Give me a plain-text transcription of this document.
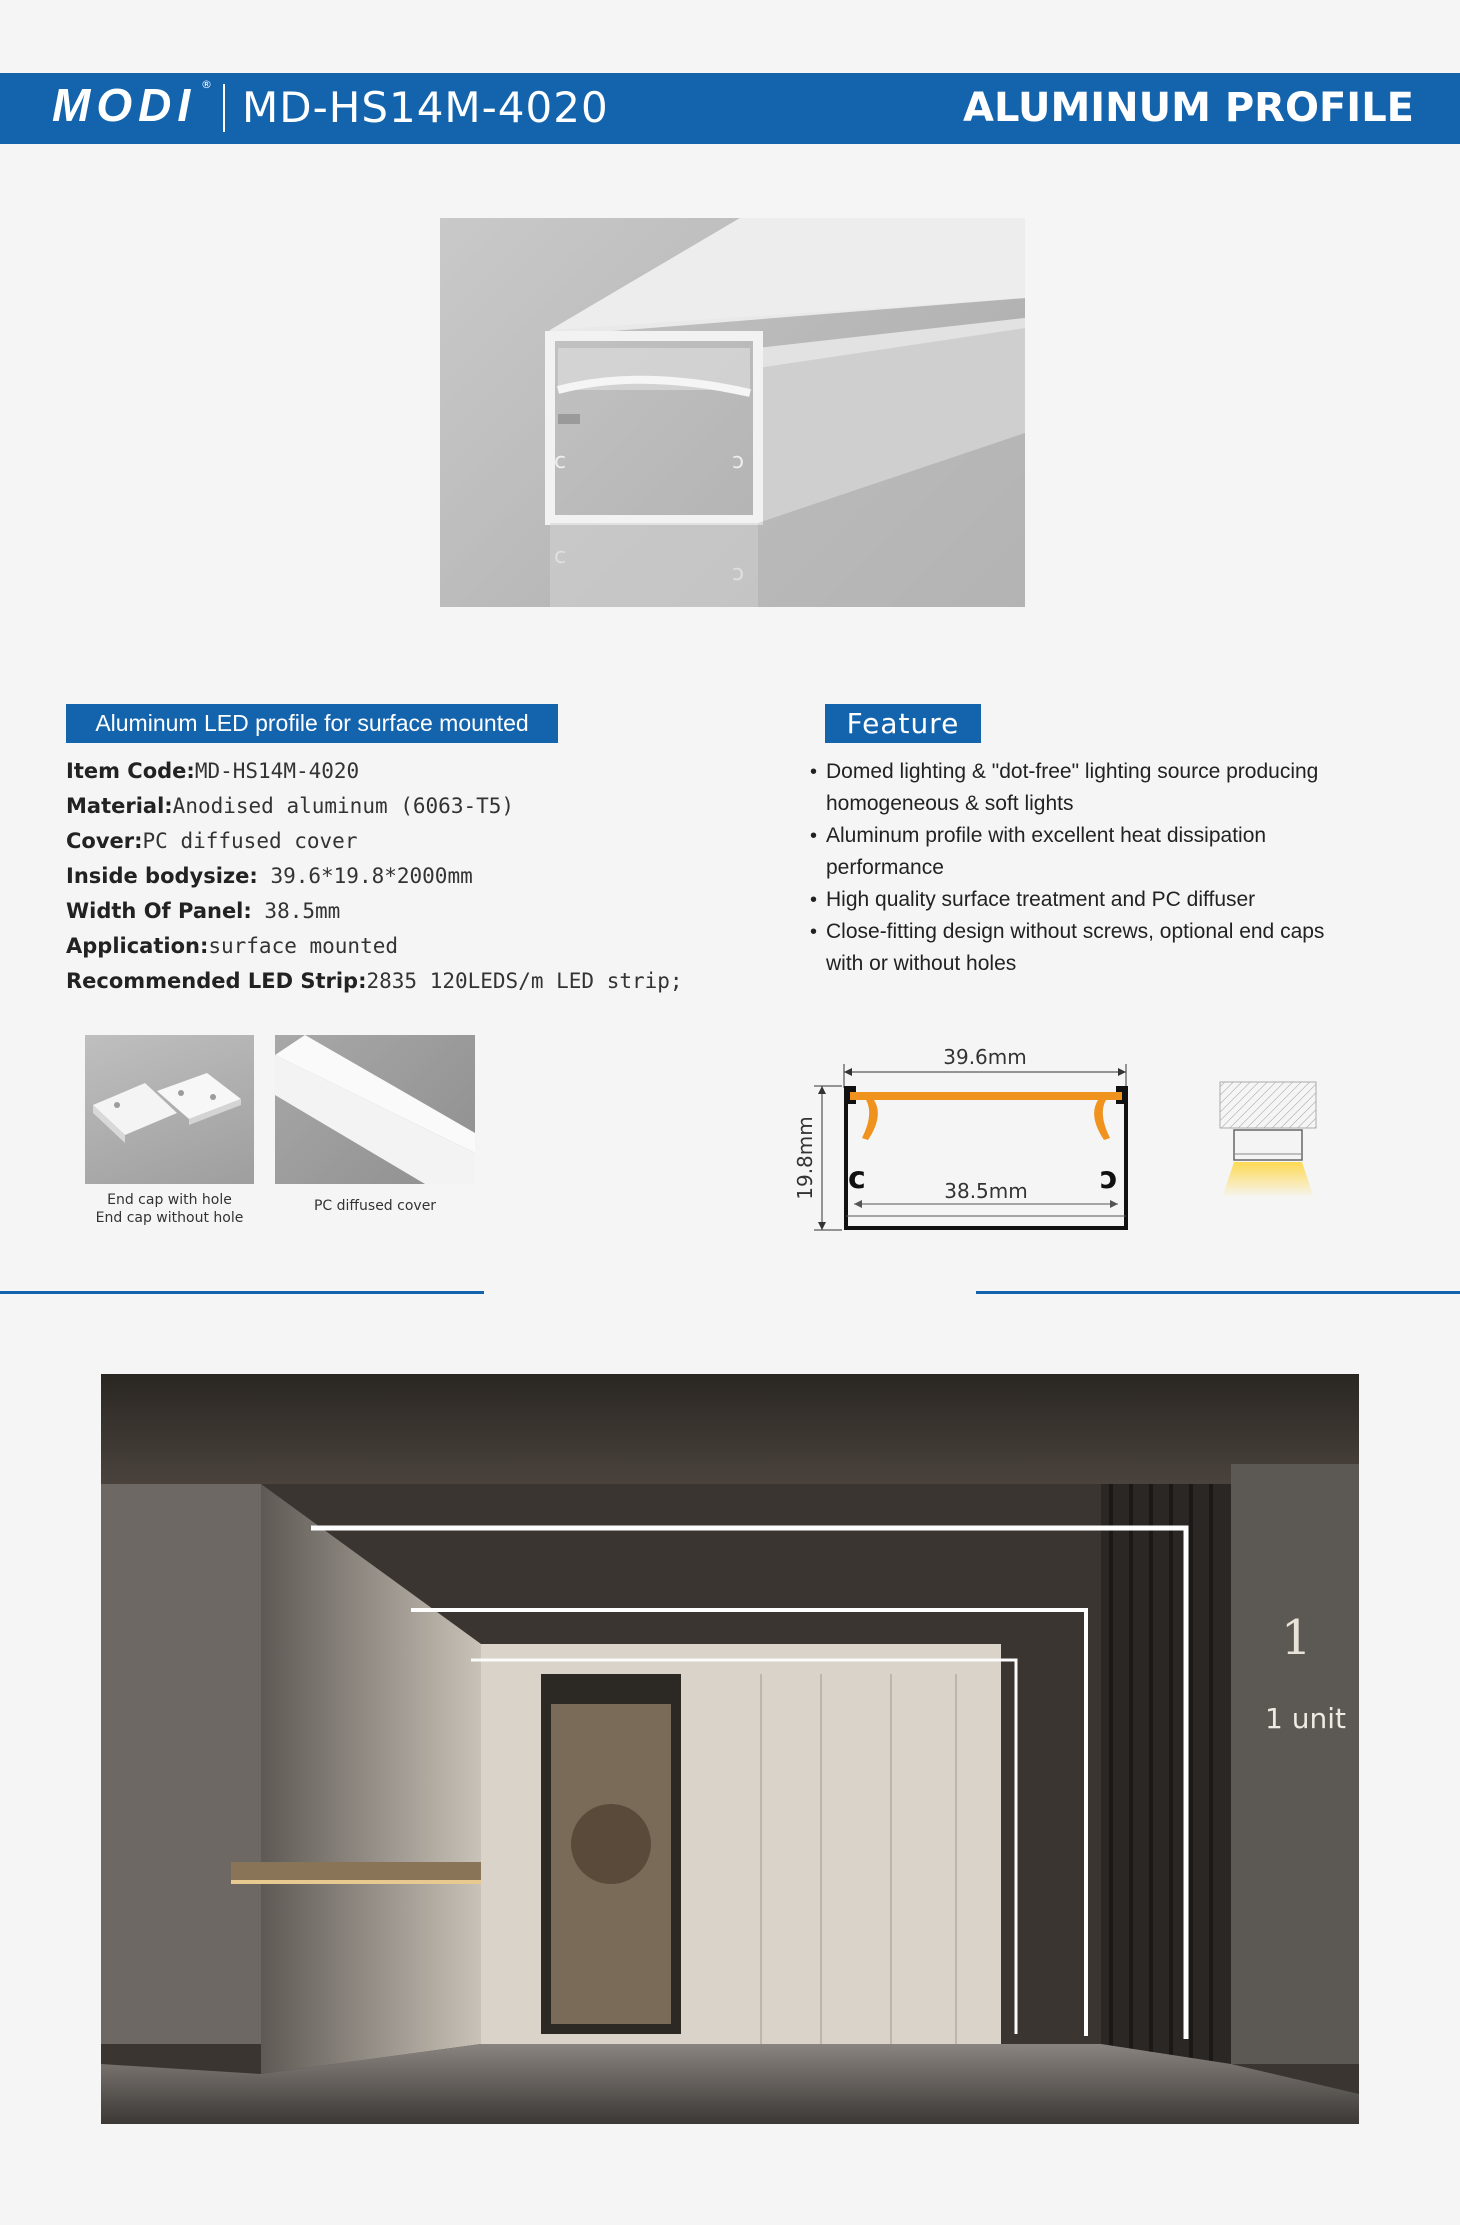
MODI ® MD-HS14M-4020	ALUMINUM PROFILE
c	ɔ
c
ɔ
Aluminum LED profile for surface mounted
Item Code:MD-HS14M-4020
Material:Anodised aluminum (6063-T5)
Cover:PC diffused cover
Inside bodysize: 39.6*19.8*2000mm
Width Of Panel: 38.5mm
Application:surface mounted
Recommended LED Strip:2835 120LEDS/m LED strip;
Feature
• Domed lighting & "dot-free" lighting source producing
homogeneous & soft lights
• Aluminum profile with excellent heat dissipation
performance
• High quality surface treatment and PC diffuser
• Close-fitting design without screws, optional end caps
with or without holes
End cap with hole
End cap without hole
PC diffused cover
39.6mm
19.8mm c	ɔ
38.5mm
1
1 unit
